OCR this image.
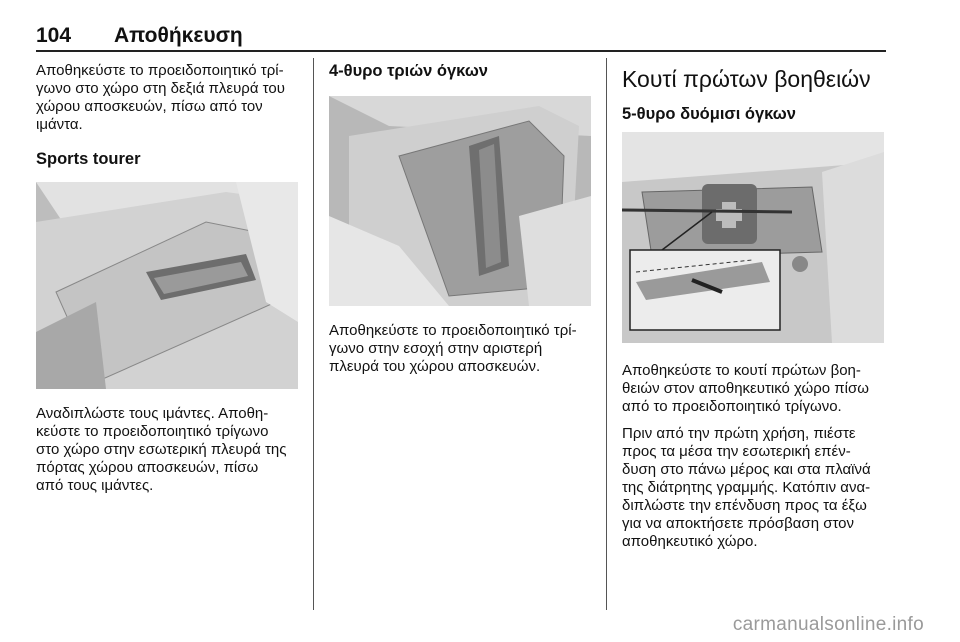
104 Αποθήκευση

Αποθηκεύστε το προειδοποιητικό τρί‐
γωνο στο χώρο στη δεξιά πλευρά του
χώρου αποσκευών, πίσω από τον
ιμάντα.

Sports tourer

Αναδιπλώστε τους ιμάντες. Αποθη‐
κεύστε το προειδοποιητικό τρίγωνο
στο χώρο στην εσωτερική πλευρά της
πόρτας χώρου αποσκευών, πίσω
από τους ιμάντες.

4-θυρο τριών όγκων

Αποθηκεύστε το προειδοποιητικό τρί‐
γωνο στην εσοχή στην αριστερή
πλευρά του χώρου αποσκευών.

Κουτί πρώτων βοηθειών

5-θυρο δυόμισι όγκων

Αποθηκεύστε το κουτί πρώτων βοη‐
θειών στον αποθηκευτικό χώρο πίσω
από το προειδοποιητικό τρίγωνο.

Πριν από την πρώτη χρήση, πιέστε
προς τα μέσα την εσωτερική επέν‐
δυση στο πάνω μέρος και στα πλαϊνά
της διάτρητης γραμμής. Κατόπιν ανα‐
διπλώστε την επένδυση προς τα έξω
για να αποκτήσετε πρόσβαση στον
αποθηκευτικό χώρο.

carmanualsonline.info
